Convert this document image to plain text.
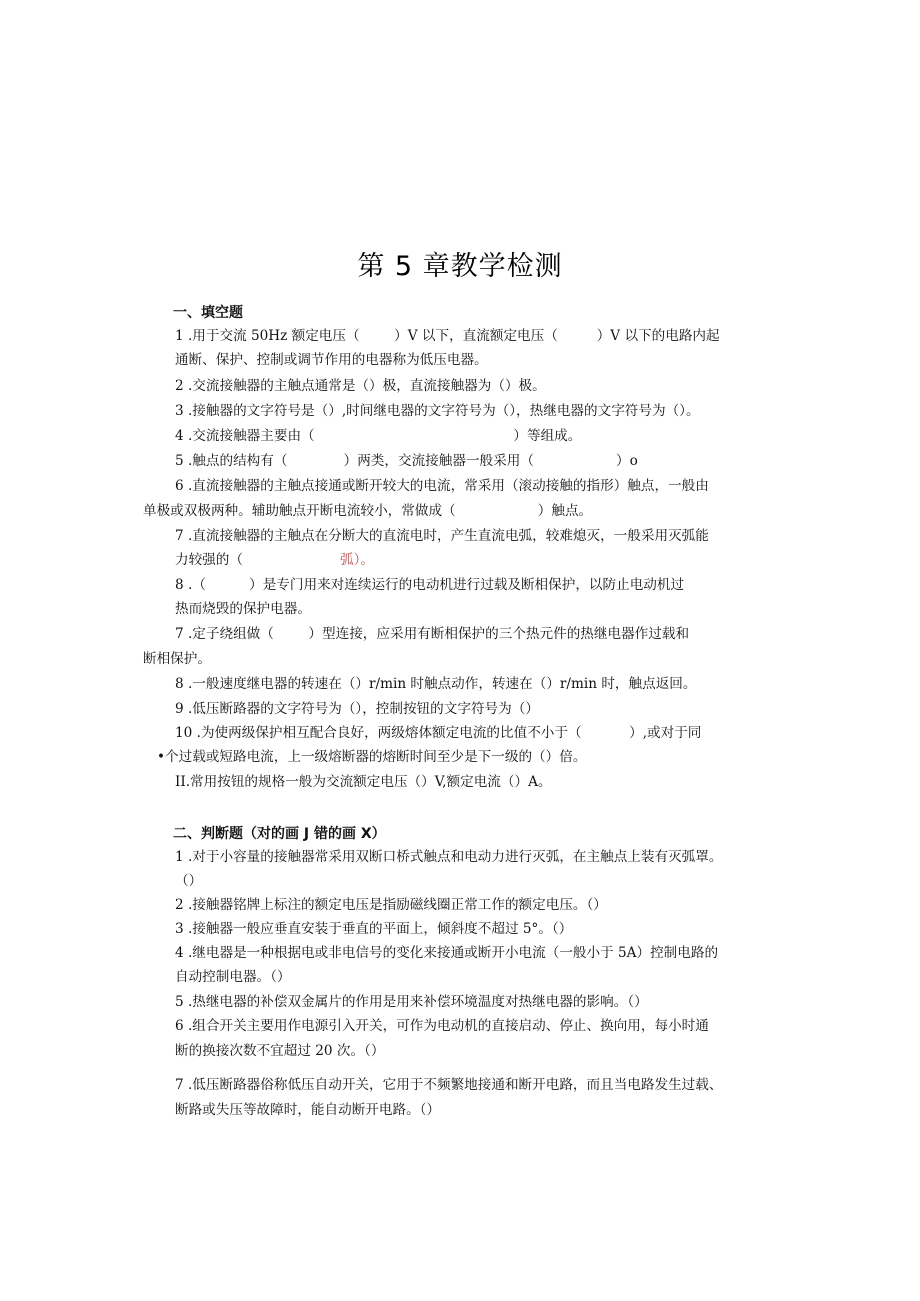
第 5 章教学检测
一、填空题
1 .用于交流 50Hz 额定电压（        ）V 以下，直流额定电压（         ）V 以下的电路内起
通断、保护、控制或调节作用的电器称为低压电器。
2 .交流接触器的主触点通常是（）极，直流接触器为（）极。
3 .接触器的文字符号是（）,时间继电器的文字符号为（），热继电器的文字符号为（）。
4 .交流接触器主要由（                                              ）等组成。
5 .触点的结构有（             ）两类，交流接触器一般采用（                   ）o
6 .直流接触器的主触点接通或断开较大的电流，常采用（滚动接触的指形）触点，一般由
单极或双极两种。辅助触点开断电流较小，常做成（                   ）触点。
7 .直流接触器的主触点在分断大的直流电时，产生直流电弧，较难熄灭，一般采用灭弧能
力较强的（	弧）。
8 .（          ）是专门用来对连续运行的电动机进行过载及断相保护，以防止电动机过
热而烧毁的保护电器。
7 .定子绕组做（        ）型连接，应采用有断相保护的三个热元件的热继电器作过载和
断相保护。
8 .一般速度继电器的转速在（）r/min 时触点动作，转速在（）r/min 时，触点返回。
9 .低压断路器的文字符号为（），控制按钮的文字符号为（）
10 .为使两级保护相互配合良好，两级熔体额定电流的比值不小于（           ）,或对于同
•个过载或短路电流，上一级熔断器的熔断时间至少是下一级的（）倍。
II.常用按钮的规格一般为交流额定电压（）V,额定电流（）A。
二、判断题（对的画 J 错的画 X）
1 .对于小容量的接触器常采用双断口桥式触点和电动力进行灭弧，在主触点上装有灭弧罩。
（）
2 .接触器铭牌上标注的额定电压是指励磁线圈正常工作的额定电压。（）
3 .接触器一般应垂直安装于垂直的平面上，倾斜度不超过 5°。（）
4 .继电器是一种根据电或非电信号的变化来接通或断开小电流（一般小于 5A）控制电路的
自动控制电器。（）
5 .热继电器的补偿双金属片的作用是用来补偿环境温度对热继电器的影响。（）
6 .组合开关主要用作电源引入开关，可作为电动机的直接启动、停止、换向用，每小时通
断的换接次数不宜超过 20 次。（）
7 .低压断路器俗称低压自动开关，它用于不频繁地接通和断开电路，而且当电路发生过载、
断路或失压等故障时，能自动断开电路。（）
